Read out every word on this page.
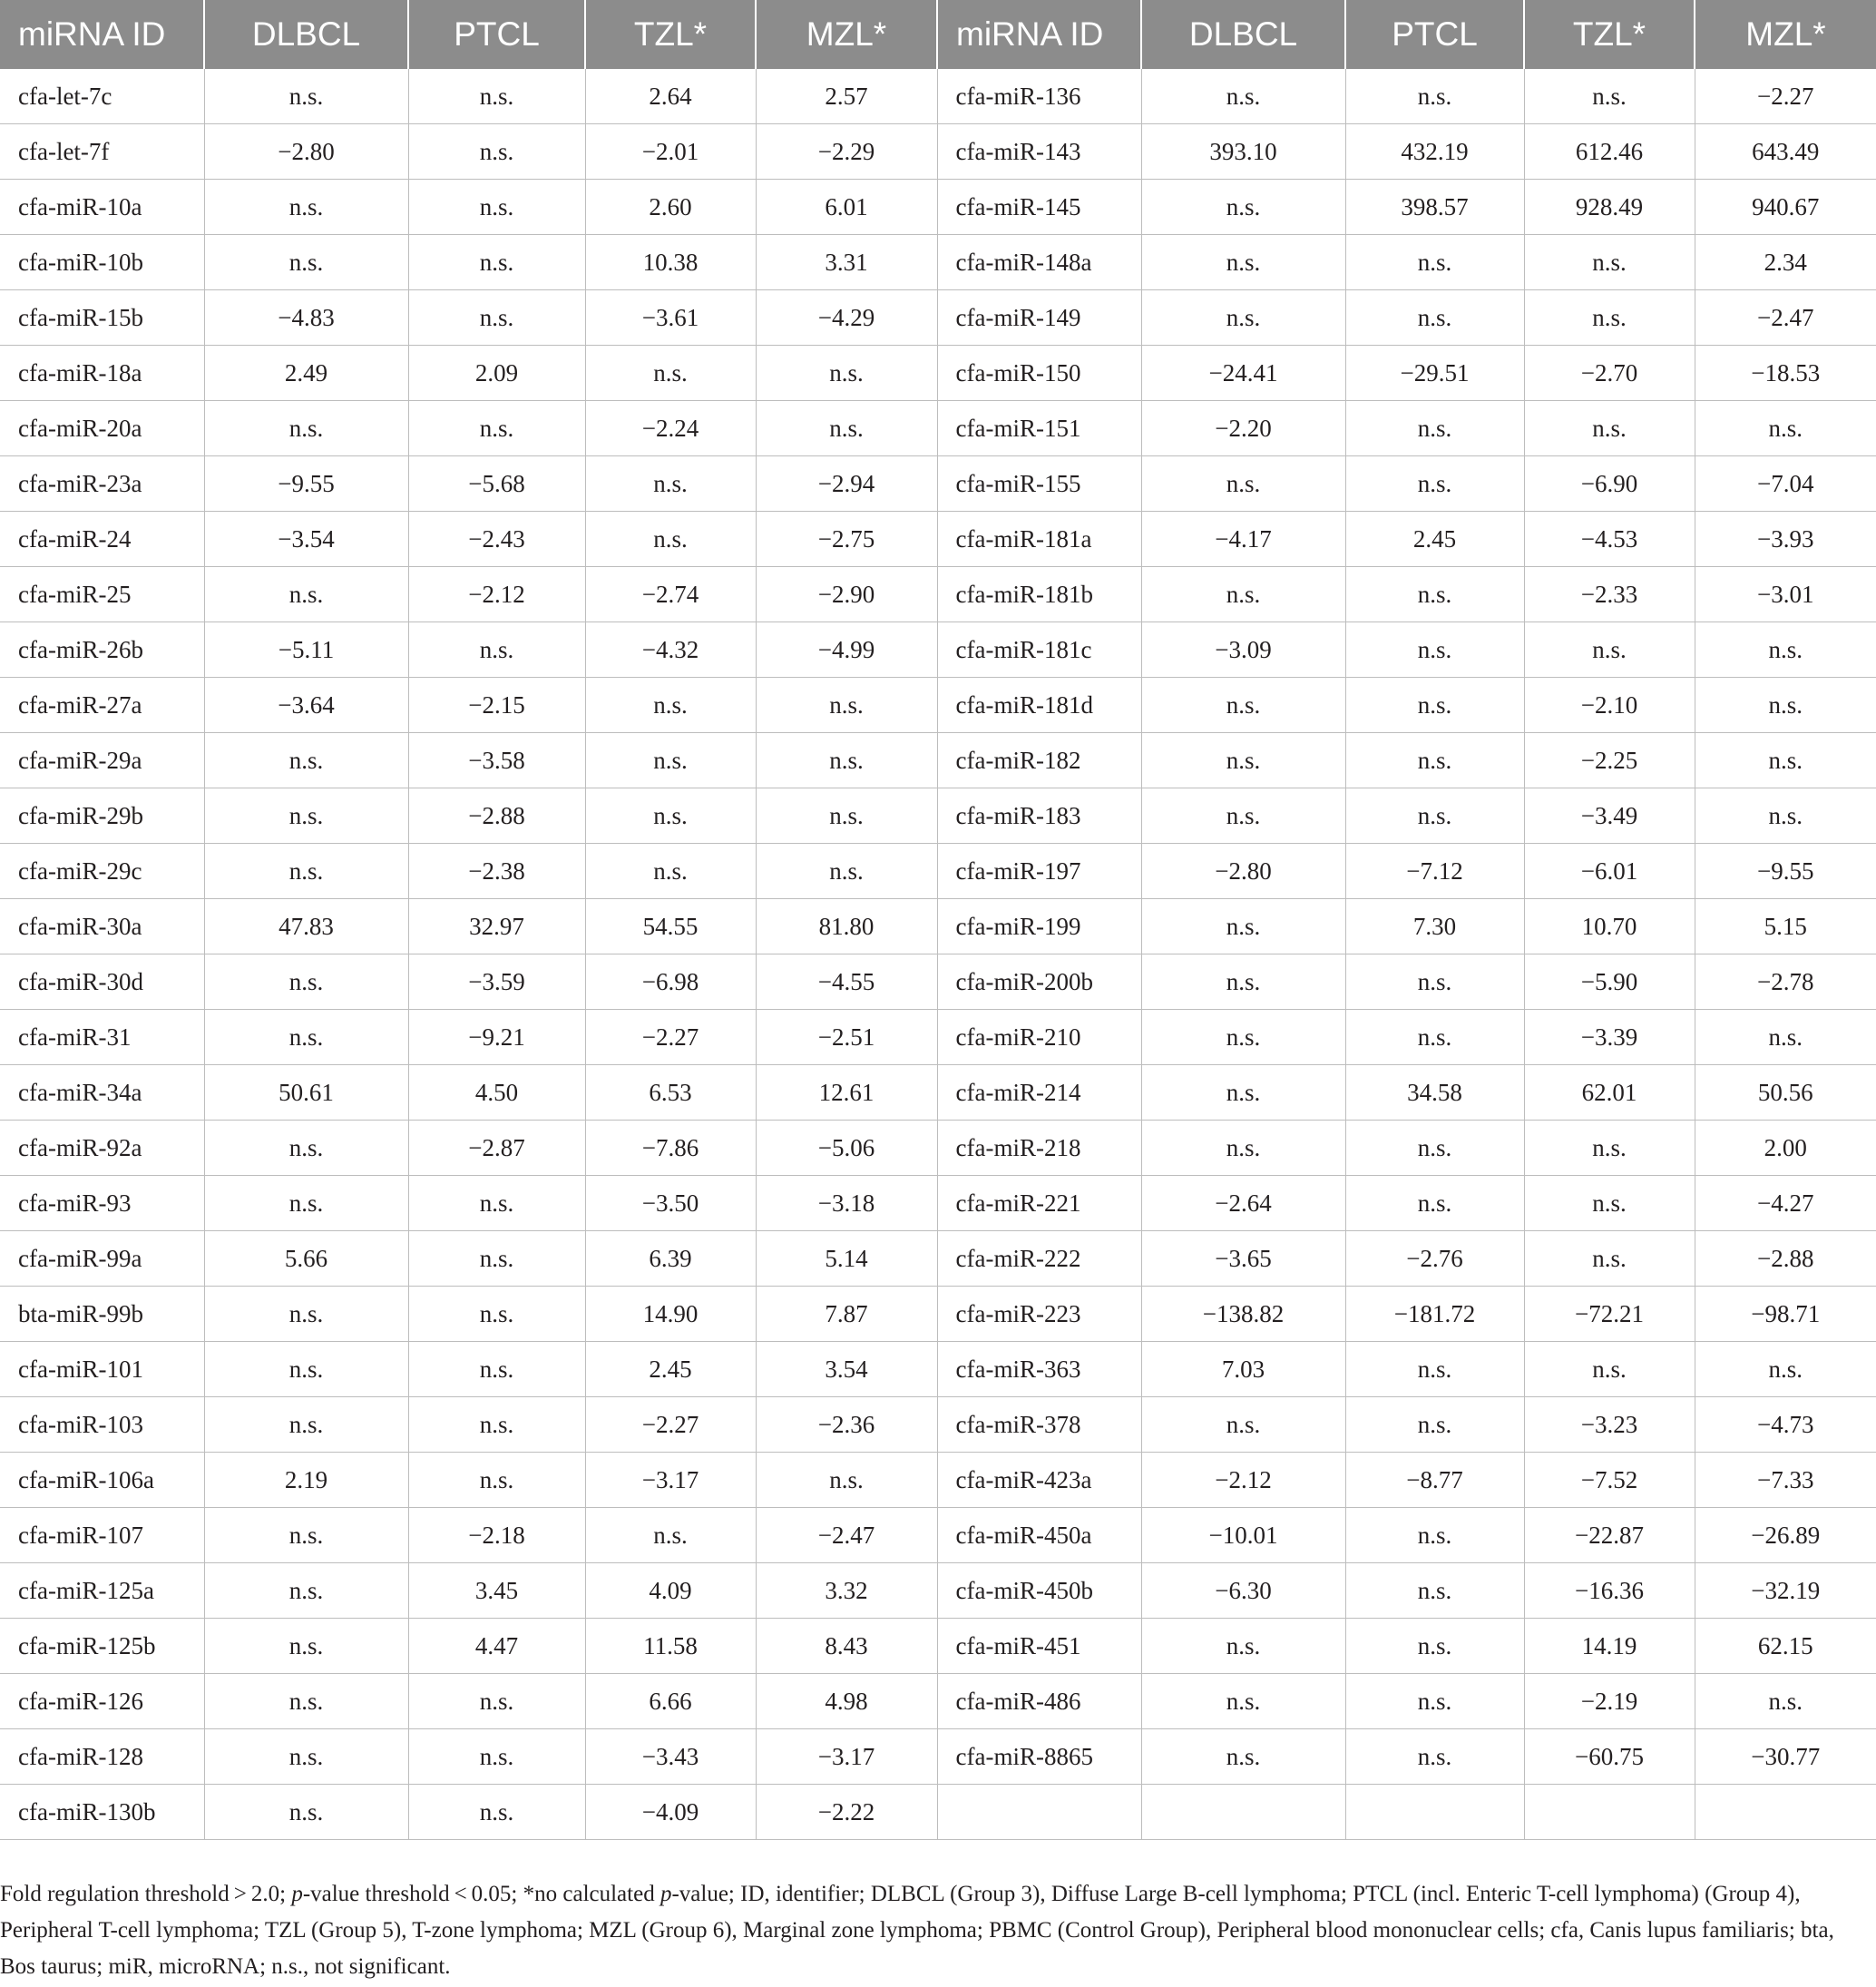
miRNA ID	DLBCL	PTCL	TZL*	MZL*	miRNA ID	DLBCL	PTCL	TZL*	MZL*
cfa-let-7c	n.s.	n.s.	2.64	2.57	cfa-miR-136	n.s.	n.s.	n.s.	−2.27
cfa-let-7f	−2.80	n.s.	−2.01	−2.29	cfa-miR-143	393.10	432.19	612.46	643.49
cfa-miR-10a	n.s.	n.s.	2.60	6.01	cfa-miR-145	n.s.	398.57	928.49	940.67
cfa-miR-10b	n.s.	n.s.	10.38	3.31	cfa-miR-148a	n.s.	n.s.	n.s.	2.34
cfa-miR-15b	−4.83	n.s.	−3.61	−4.29	cfa-miR-149	n.s.	n.s.	n.s.	−2.47
cfa-miR-18a	2.49	2.09	n.s.	n.s.	cfa-miR-150	−24.41	−29.51	−2.70	−18.53
cfa-miR-20a	n.s.	n.s.	−2.24	n.s.	cfa-miR-151	−2.20	n.s.	n.s.	n.s.
cfa-miR-23a	−9.55	−5.68	n.s.	−2.94	cfa-miR-155	n.s.	n.s.	−6.90	−7.04
cfa-miR-24	−3.54	−2.43	n.s.	−2.75	cfa-miR-181a	−4.17	2.45	−4.53	−3.93
cfa-miR-25	n.s.	−2.12	−2.74	−2.90	cfa-miR-181b	n.s.	n.s.	−2.33	−3.01
cfa-miR-26b	−5.11	n.s.	−4.32	−4.99	cfa-miR-181c	−3.09	n.s.	n.s.	n.s.
cfa-miR-27a	−3.64	−2.15	n.s.	n.s.	cfa-miR-181d	n.s.	n.s.	−2.10	n.s.
cfa-miR-29a	n.s.	−3.58	n.s.	n.s.	cfa-miR-182	n.s.	n.s.	−2.25	n.s.
cfa-miR-29b	n.s.	−2.88	n.s.	n.s.	cfa-miR-183	n.s.	n.s.	−3.49	n.s.
cfa-miR-29c	n.s.	−2.38	n.s.	n.s.	cfa-miR-197	−2.80	−7.12	−6.01	−9.55
cfa-miR-30a	47.83	32.97	54.55	81.80	cfa-miR-199	n.s.	7.30	10.70	5.15
cfa-miR-30d	n.s.	−3.59	−6.98	−4.55	cfa-miR-200b	n.s.	n.s.	−5.90	−2.78
cfa-miR-31	n.s.	−9.21	−2.27	−2.51	cfa-miR-210	n.s.	n.s.	−3.39	n.s.
cfa-miR-34a	50.61	4.50	6.53	12.61	cfa-miR-214	n.s.	34.58	62.01	50.56
cfa-miR-92a	n.s.	−2.87	−7.86	−5.06	cfa-miR-218	n.s.	n.s.	n.s.	2.00
cfa-miR-93	n.s.	n.s.	−3.50	−3.18	cfa-miR-221	−2.64	n.s.	n.s.	−4.27
cfa-miR-99a	5.66	n.s.	6.39	5.14	cfa-miR-222	−3.65	−2.76	n.s.	−2.88
bta-miR-99b	n.s.	n.s.	14.90	7.87	cfa-miR-223	−138.82	−181.72	−72.21	−98.71
cfa-miR-101	n.s.	n.s.	2.45	3.54	cfa-miR-363	7.03	n.s.	n.s.	n.s.
cfa-miR-103	n.s.	n.s.	−2.27	−2.36	cfa-miR-378	n.s.	n.s.	−3.23	−4.73
cfa-miR-106a	2.19	n.s.	−3.17	n.s.	cfa-miR-423a	−2.12	−8.77	−7.52	−7.33
cfa-miR-107	n.s.	−2.18	n.s.	−2.47	cfa-miR-450a	−10.01	n.s.	−22.87	−26.89
cfa-miR-125a	n.s.	3.45	4.09	3.32	cfa-miR-450b	−6.30	n.s.	−16.36	−32.19
cfa-miR-125b	n.s.	4.47	11.58	8.43	cfa-miR-451	n.s.	n.s.	14.19	62.15
cfa-miR-126	n.s.	n.s.	6.66	4.98	cfa-miR-486	n.s.	n.s.	−2.19	n.s.
cfa-miR-128	n.s.	n.s.	−3.43	−3.17	cfa-miR-8865	n.s.	n.s.	−60.75	−30.77
cfa-miR-130b	n.s.	n.s.	−4.09	−2.22					
Fold regulation threshold > 2.0; p-value threshold < 0.05; *no calculated p-value; ID, identifier; DLBCL (Group 3), Diffuse Large B-cell lymphoma; PTCL (incl. Enteric T-cell lymphoma) (Group 4), Peripheral T-cell lymphoma; TZL (Group 5), T-zone lymphoma; MZL (Group 6), Marginal zone lymphoma; PBMC (Control Group), Peripheral blood mononuclear cells; cfa, Canis lupus familiaris; bta, Bos taurus; miR, microRNA; n.s., not significant.
